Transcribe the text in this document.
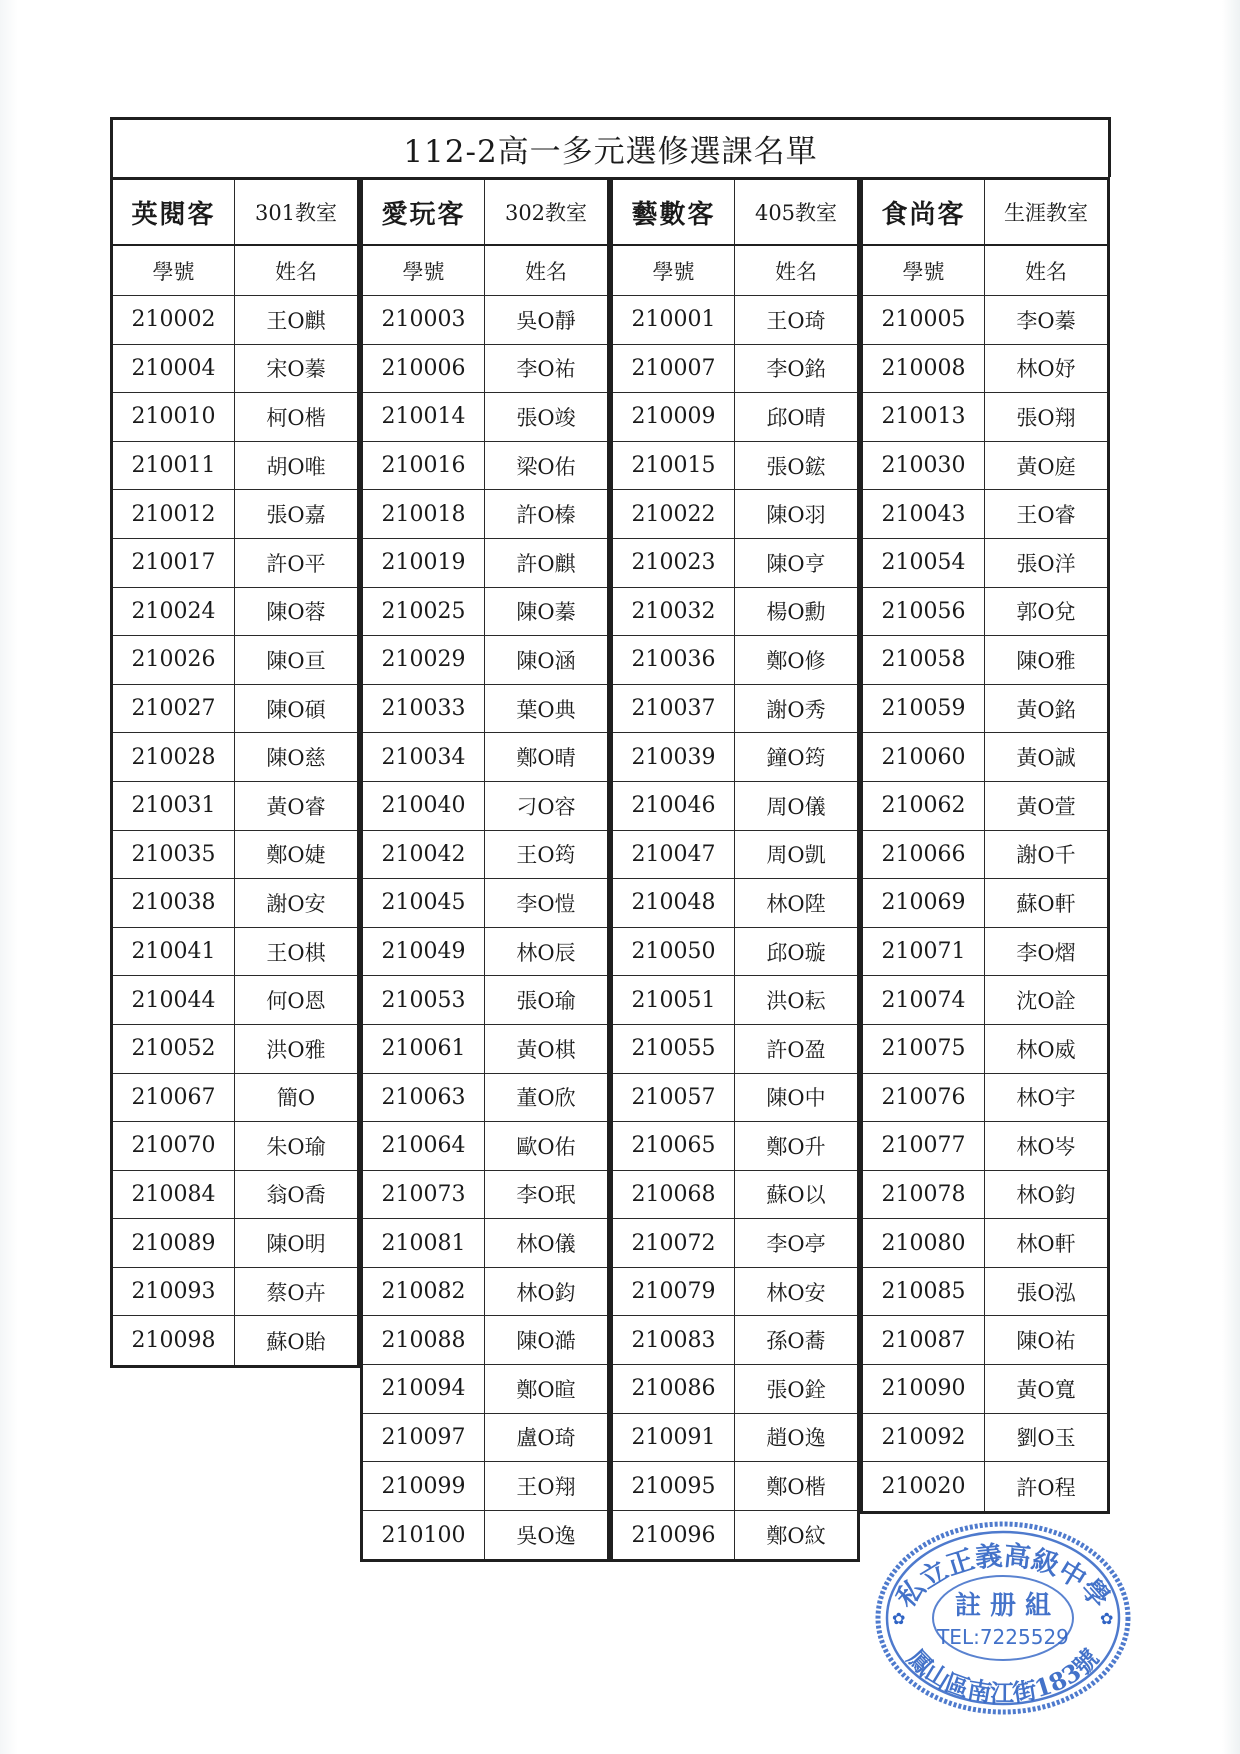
112-2高一多元選修選課名單
英閱客	301教室
學號	姓名
210002	王O麒
210004	宋O蓁
210010	柯O楷
210011	胡O唯
210012	張O嘉
210017	許O平
210024	陳O蓉
210026	陳O亘
210027	陳O碩
210028	陳O慈
210031	黃O睿
210035	鄭O婕
210038	謝O安
210041	王O棋
210044	何O恩
210052	洪O雅
210067	簡O
210070	朱O瑜
210084	翁O喬
210089	陳O明
210093	蔡O卉
210098	蘇O貽
愛玩客	302教室
學號	姓名
210003	吳O靜
210006	李O祐
210014	張O竣
210016	梁O佑
210018	許O榛
210019	許O麒
210025	陳O蓁
210029	陳O涵
210033	葉O典
210034	鄭O晴
210040	刁O容
210042	王O筠
210045	李O愷
210049	林O辰
210053	張O瑜
210061	黃O棋
210063	董O欣
210064	歐O佑
210073	李O珉
210081	林O儀
210082	林O鈞
210088	陳O澔
210094	鄭O暄
210097	盧O琦
210099	王O翔
210100	吳O逸
藝數客	405教室
學號	姓名
210001	王O琦
210007	李O銘
210009	邱O晴
210015	張O鋐
210022	陳O羽
210023	陳O亨
210032	楊O勳
210036	鄭O修
210037	謝O秀
210039	鐘O筠
210046	周O儀
210047	周O凱
210048	林O陞
210050	邱O璇
210051	洪O耘
210055	許O盈
210057	陳O中
210065	鄭O升
210068	蘇O以
210072	李O亭
210079	林O安
210083	孫O蕎
210086	張O銓
210091	趙O逸
210095	鄭O楷
210096	鄭O紋
食尚客	生涯教室
學號	姓名
210005	李O蓁
210008	林O妤
210013	張O翔
210030	黃O庭
210043	王O睿
210054	張O洋
210056	郭O兌
210058	陳O雅
210059	黃O銘
210060	黃O誠
210062	黃O萱
210066	謝O千
210069	蘇O軒
210071	李O熠
210074	沈O詮
210075	林O威
210076	林O宇
210077	林O岑
210078	林O鈞
210080	林O軒
210085	張O泓
210087	陳O祐
210090	黃O寬
210092	劉O玉
210020	許O程
私立正義高級中學
鳳山區南江街183號
註 册 組
TEL:7225529
✿	✿
